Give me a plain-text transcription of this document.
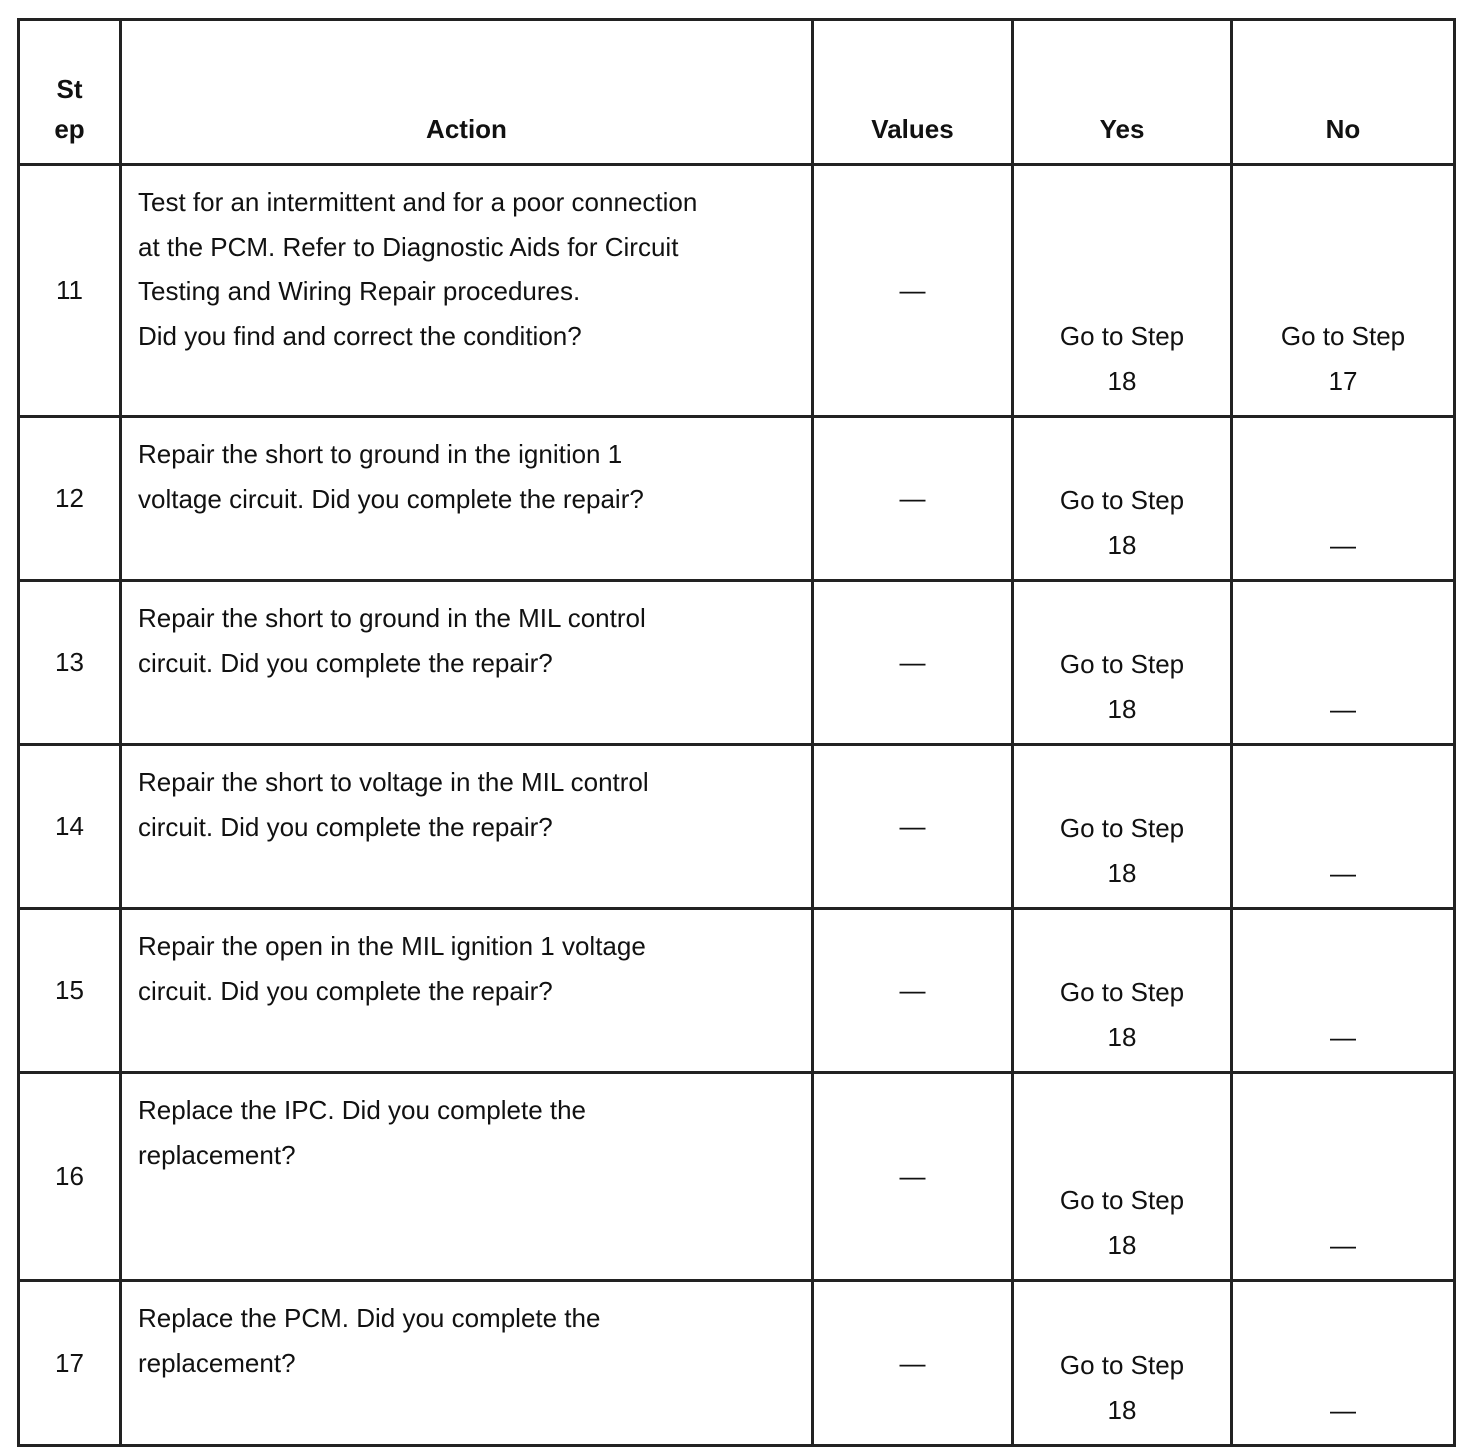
St
ep	Action	Values	Yes	No
11	Test for an intermittent and for a poor connection
at the PCM. Refer to Diagnostic Aids for Circuit
Testing and Wiring Repair procedures.
Did you find and correct the condition?	—	Go to Step
18	Go to Step
17

12	Repair the short to ground in the ignition 1
voltage circuit. Did you complete the repair?	—	Go to Step
18	—

13	Repair the short to ground in the MIL control
circuit. Did you complete the repair?	—	Go to Step
18	—

14	Repair the short to voltage in the MIL control
circuit. Did you complete the repair?	—	Go to Step
18	—

15	Repair the open in the MIL ignition 1 voltage
circuit. Did you complete the repair?	—	Go to Step
18	—

16	Replace the IPC. Did you complete the
replacement?	—	Go to Step
18	—

17	Replace the PCM. Did you complete the
replacement?	—	Go to Step
18	—
